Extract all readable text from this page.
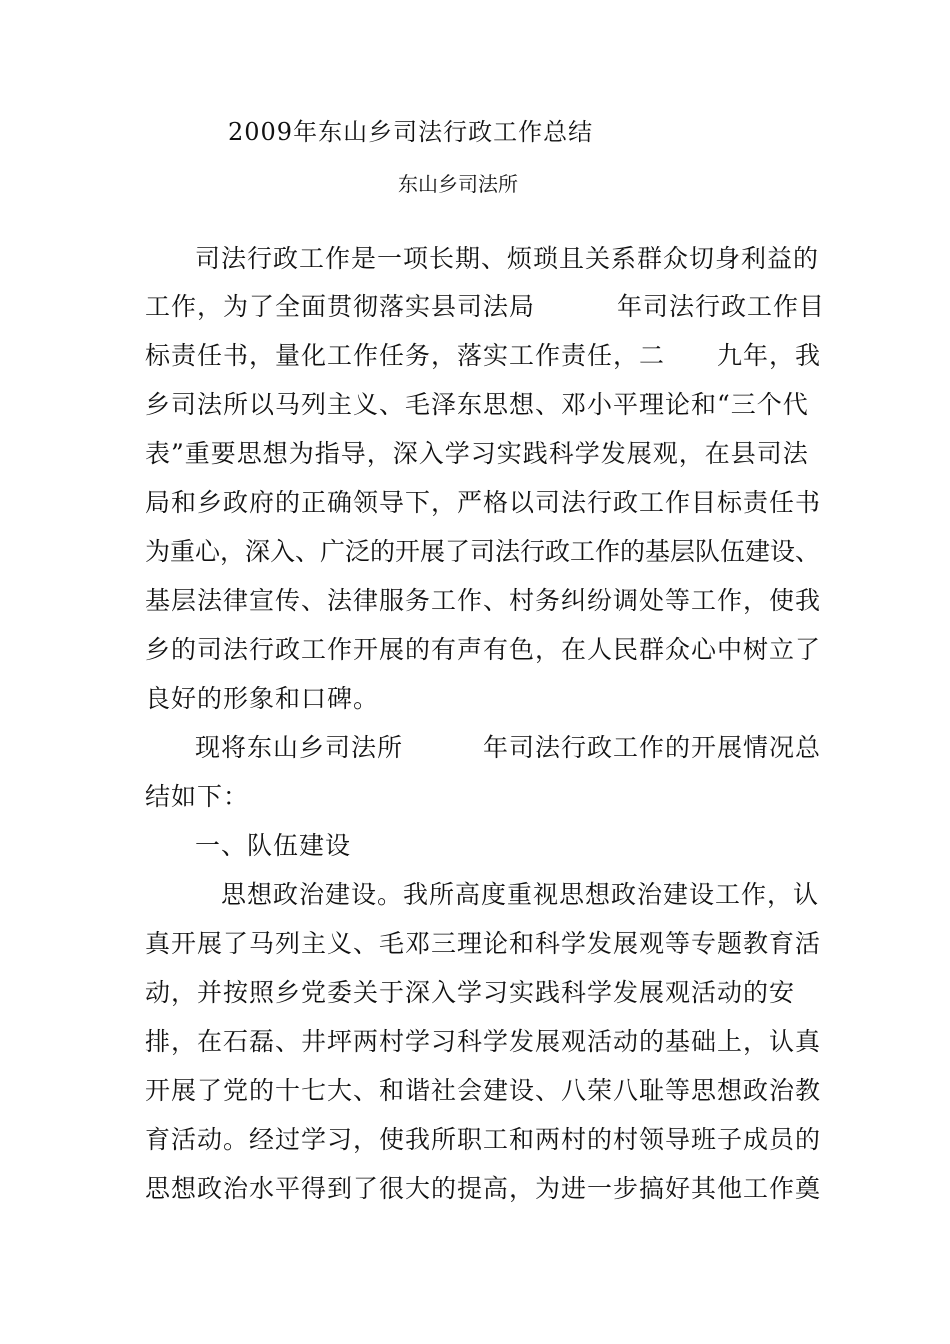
2009年东山乡司法行政工作总结
东山乡司法所
司法行政工作是一项长期、烦琐且关系群众切身利益的
工作，为了全面贯彻落实县司法局	年司法行政工作目
标责任书，量化工作任务，落实工作责任，二 九年，我
乡司法所以马列主义、毛泽东思想、邓小平理论和“三个代
表”重要思想为指导，深入学习实践科学发展观，在县司法
局和乡政府的正确领导下，严格以司法行政工作目标责任书
为重心，深入、广泛的开展了司法行政工作的基层队伍建设、
基层法律宣传、法律服务工作、村务纠纷调处等工作，使我
乡的司法行政工作开展的有声有色，在人民群众心中树立了
良好的形象和口碑。
现将东山乡司法所	年司法行政工作的开展情况总
结如下：
一、队伍建设
思想政治建设。我所高度重视思想政治建设工作，认
真开展了马列主义、毛邓三理论和科学发展观等专题教育活
动，并按照乡党委关于深入学习实践科学发展观活动的安
排，在石磊、井坪两村学习科学发展观活动的基础上，认真
开展了党的十七大、和谐社会建设、八荣八耻等思想政治教
育活动。经过学习，使我所职工和两村的村领导班子成员的
思想政治水平得到了很大的提高，为进一步搞好其他工作奠
